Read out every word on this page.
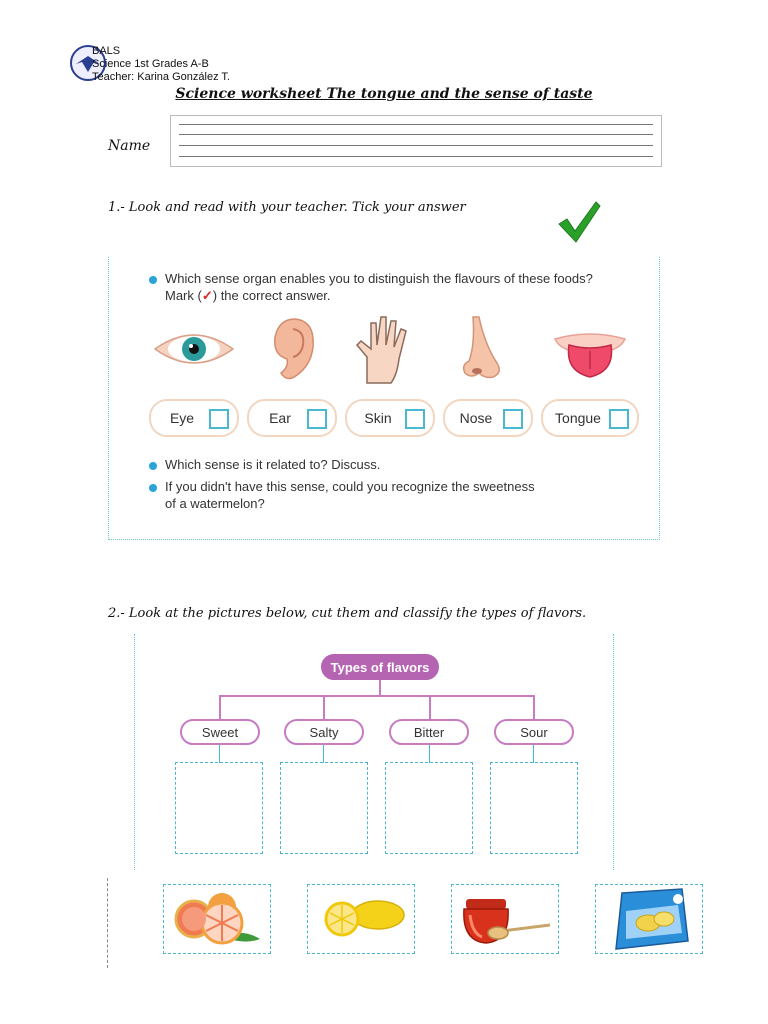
BALS
Science 1st Grades A-B
Teacher: Karina González T.
Science worksheet The tongue and the sense of taste
Name
1.- Look and read with your teacher. Tick your answer
Which sense organ enables you to distinguish the flavours of these foods?
Mark (✓) the correct answer.
Eye	Ear	Skin	Nose	Tongue
Which sense is it related to? Discuss.
If you didn't have this sense, could you recognize the sweetness
of a watermelon?
2.- Look at the pictures below, cut them and classify the types of flavors.
Types of flavors
Sweet	Salty	Bitter	Sour
